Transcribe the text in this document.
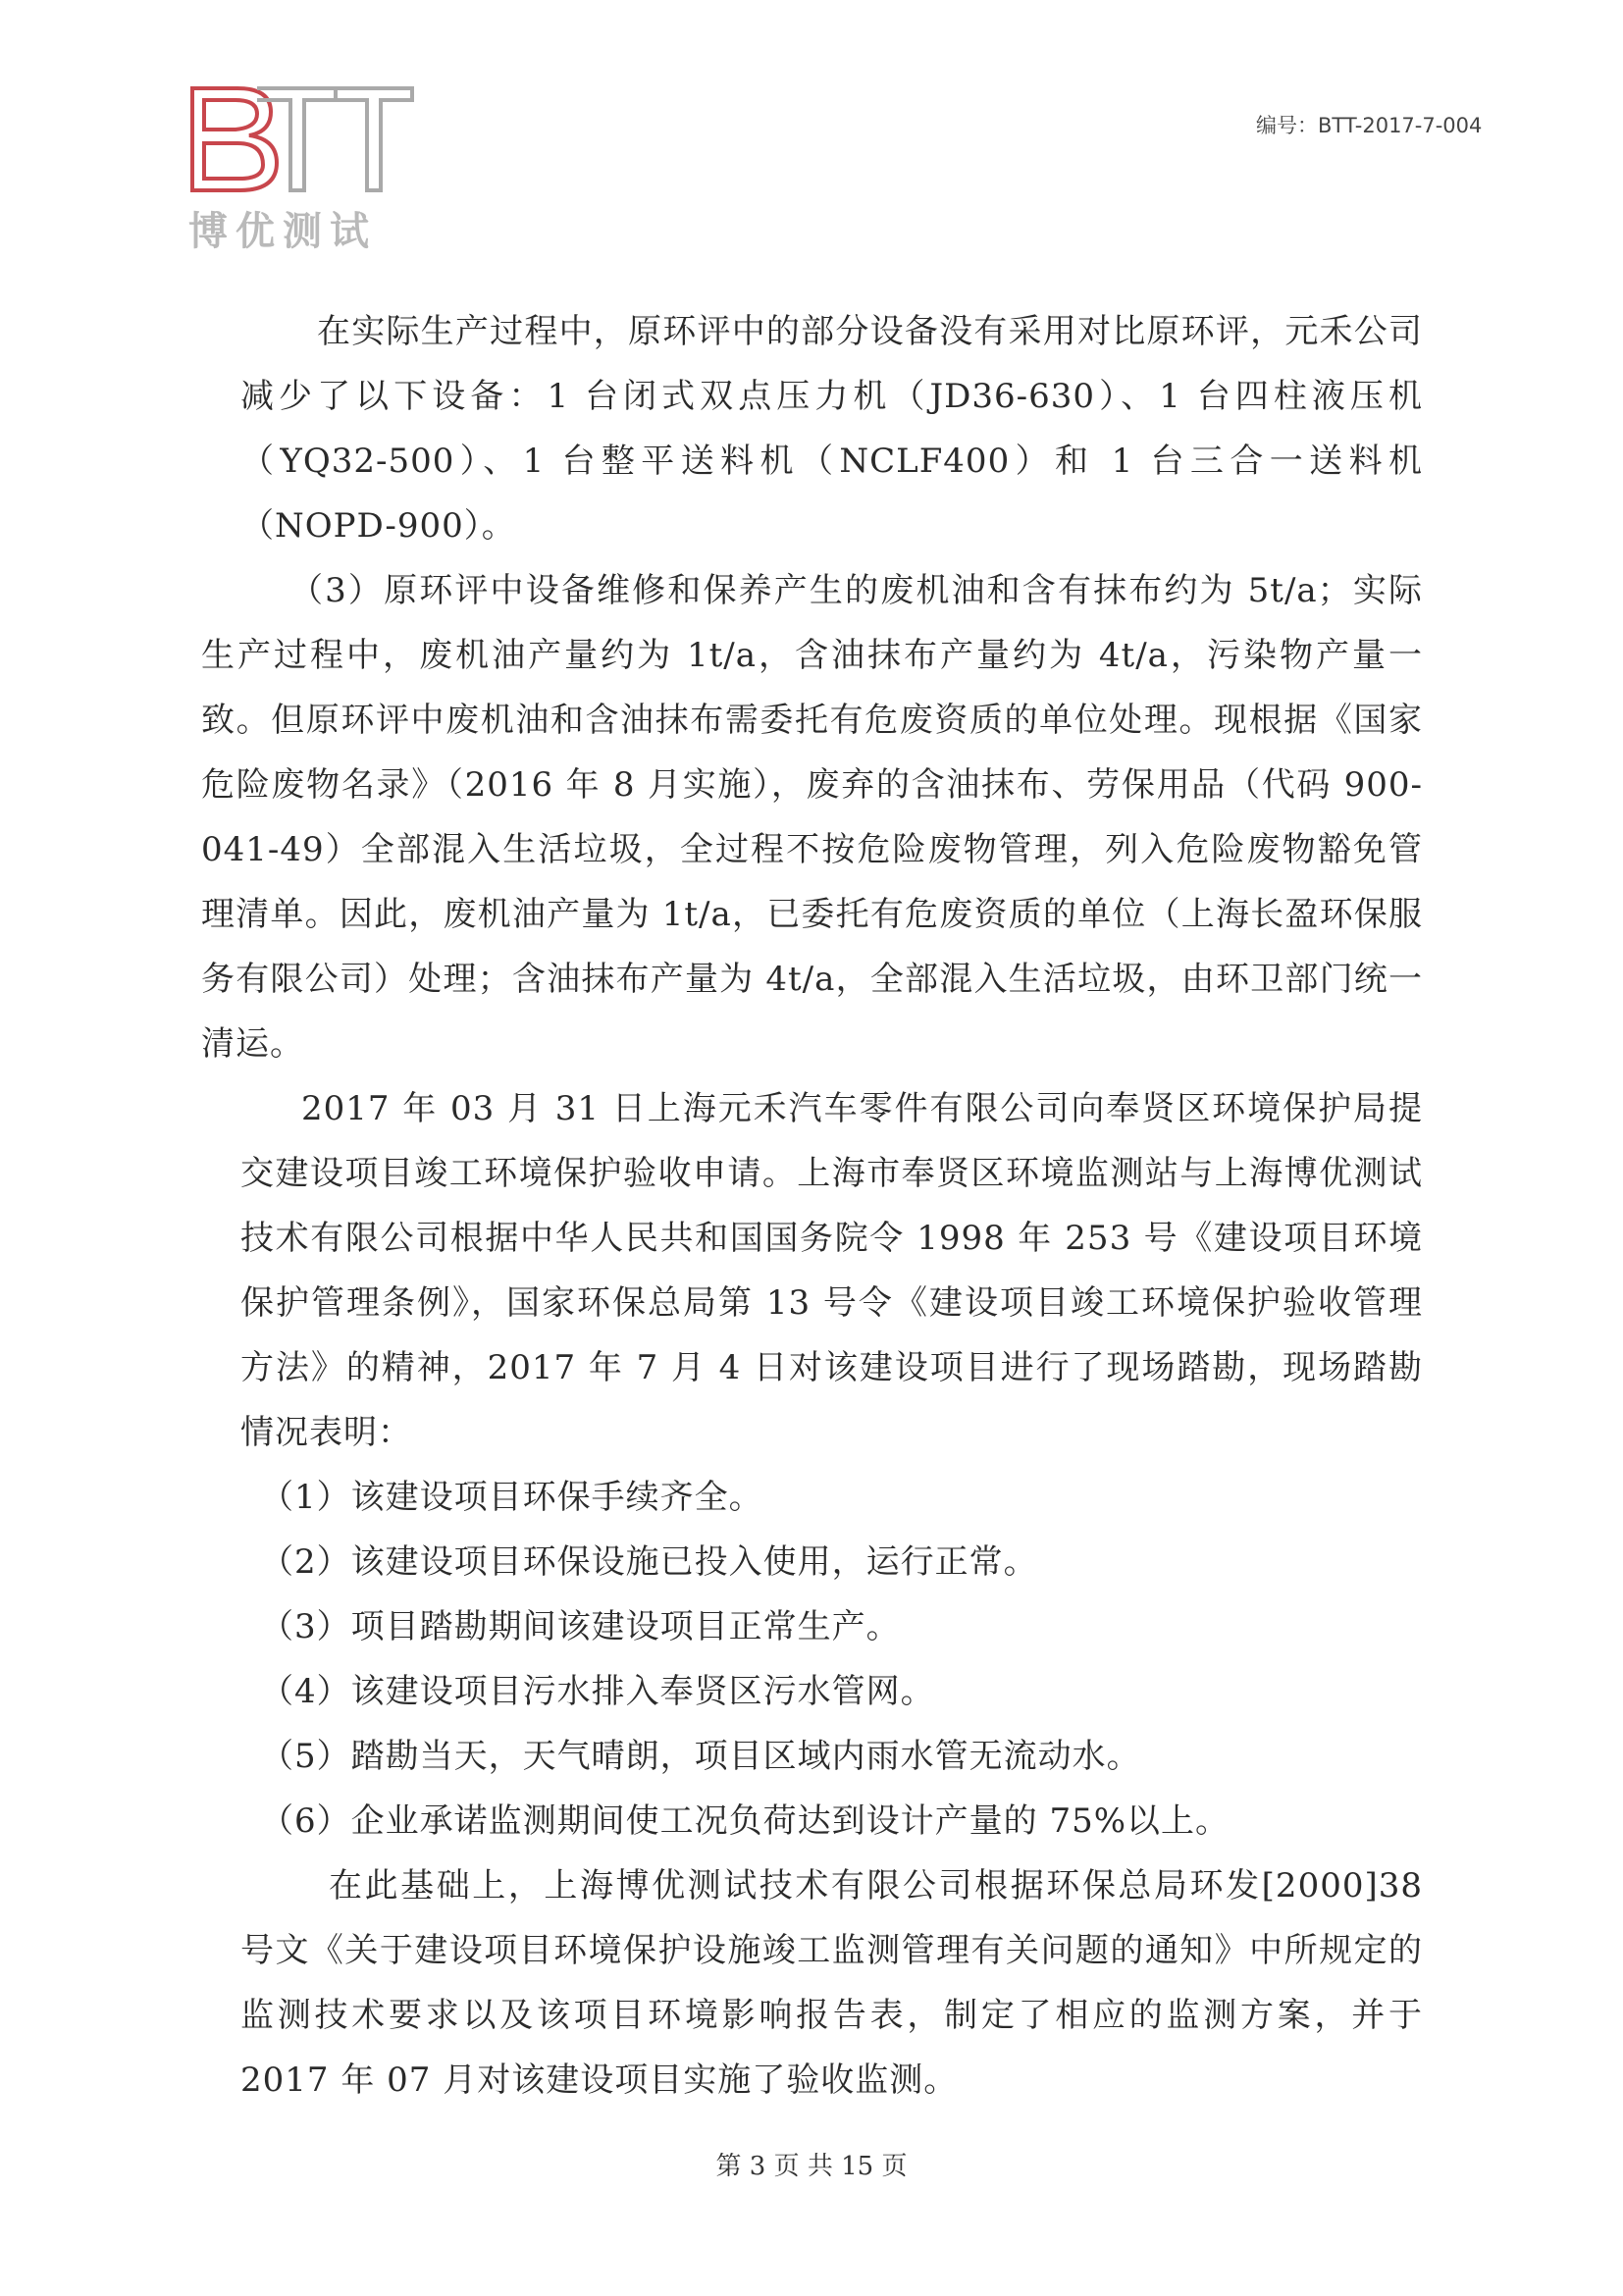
博优测试
编号：BTT-2017-7-004

在实际生产过程中，原环评中的部分设备没有采用对比原环评，元禾公司减少了以下设备：1 台闭式双点压力机（JD36-630）、1 台四柱液压机（YQ32-500）、1 台整平送料机（NCLF400）和 1 台三合一送料机（NOPD-900）。

（3）原环评中设备维修和保养产生的废机油和含有抹布约为 5t/a；实际生产过程中，废机油产量约为 1t/a，含油抹布产量约为 4t/a，污染物产量一致。但原环评中废机油和含油抹布需委托有危废资质的单位处理。现根据《国家危险废物名录》（2016 年 8 月实施），废弃的含油抹布、劳保用品（代码 900-041-49）全部混入生活垃圾，全过程不按危险废物管理，列入危险废物豁免管理清单。因此，废机油产量为 1t/a，已委托有危废资质的单位（上海长盈环保服务有限公司）处理；含油抹布产量为 4t/a，全部混入生活垃圾，由环卫部门统一清运。

2017 年 03 月 31 日上海元禾汽车零件有限公司向奉贤区环境保护局提交建设项目竣工环境保护验收申请。上海市奉贤区环境监测站与上海博优测试技术有限公司根据中华人民共和国国务院令 1998 年 253 号《建设项目环境保护管理条例》，国家环保总局第 13 号令《建设项目竣工环境保护验收管理方法》的精神，2017 年 7 月 4 日对该建设项目进行了现场踏勘，现场踏勘情况表明：

（1）该建设项目环保手续齐全。

（2）该建设项目环保设施已投入使用，运行正常。

（3）项目踏勘期间该建设项目正常生产。

（4）该建设项目污水排入奉贤区污水管网。

（5）踏勘当天，天气晴朗，项目区域内雨水管无流动水。

（6）企业承诺监测期间使工况负荷达到设计产量的 75%以上。

在此基础上，上海博优测试技术有限公司根据环保总局环发[2000]38 号文《关于建设项目环境保护设施竣工监测管理有关问题的通知》中所规定的监测技术要求以及该项目环境影响报告表，制定了相应的监测方案，并于 2017 年 07 月对该建设项目实施了验收监测。

第 3 页 共 15 页
